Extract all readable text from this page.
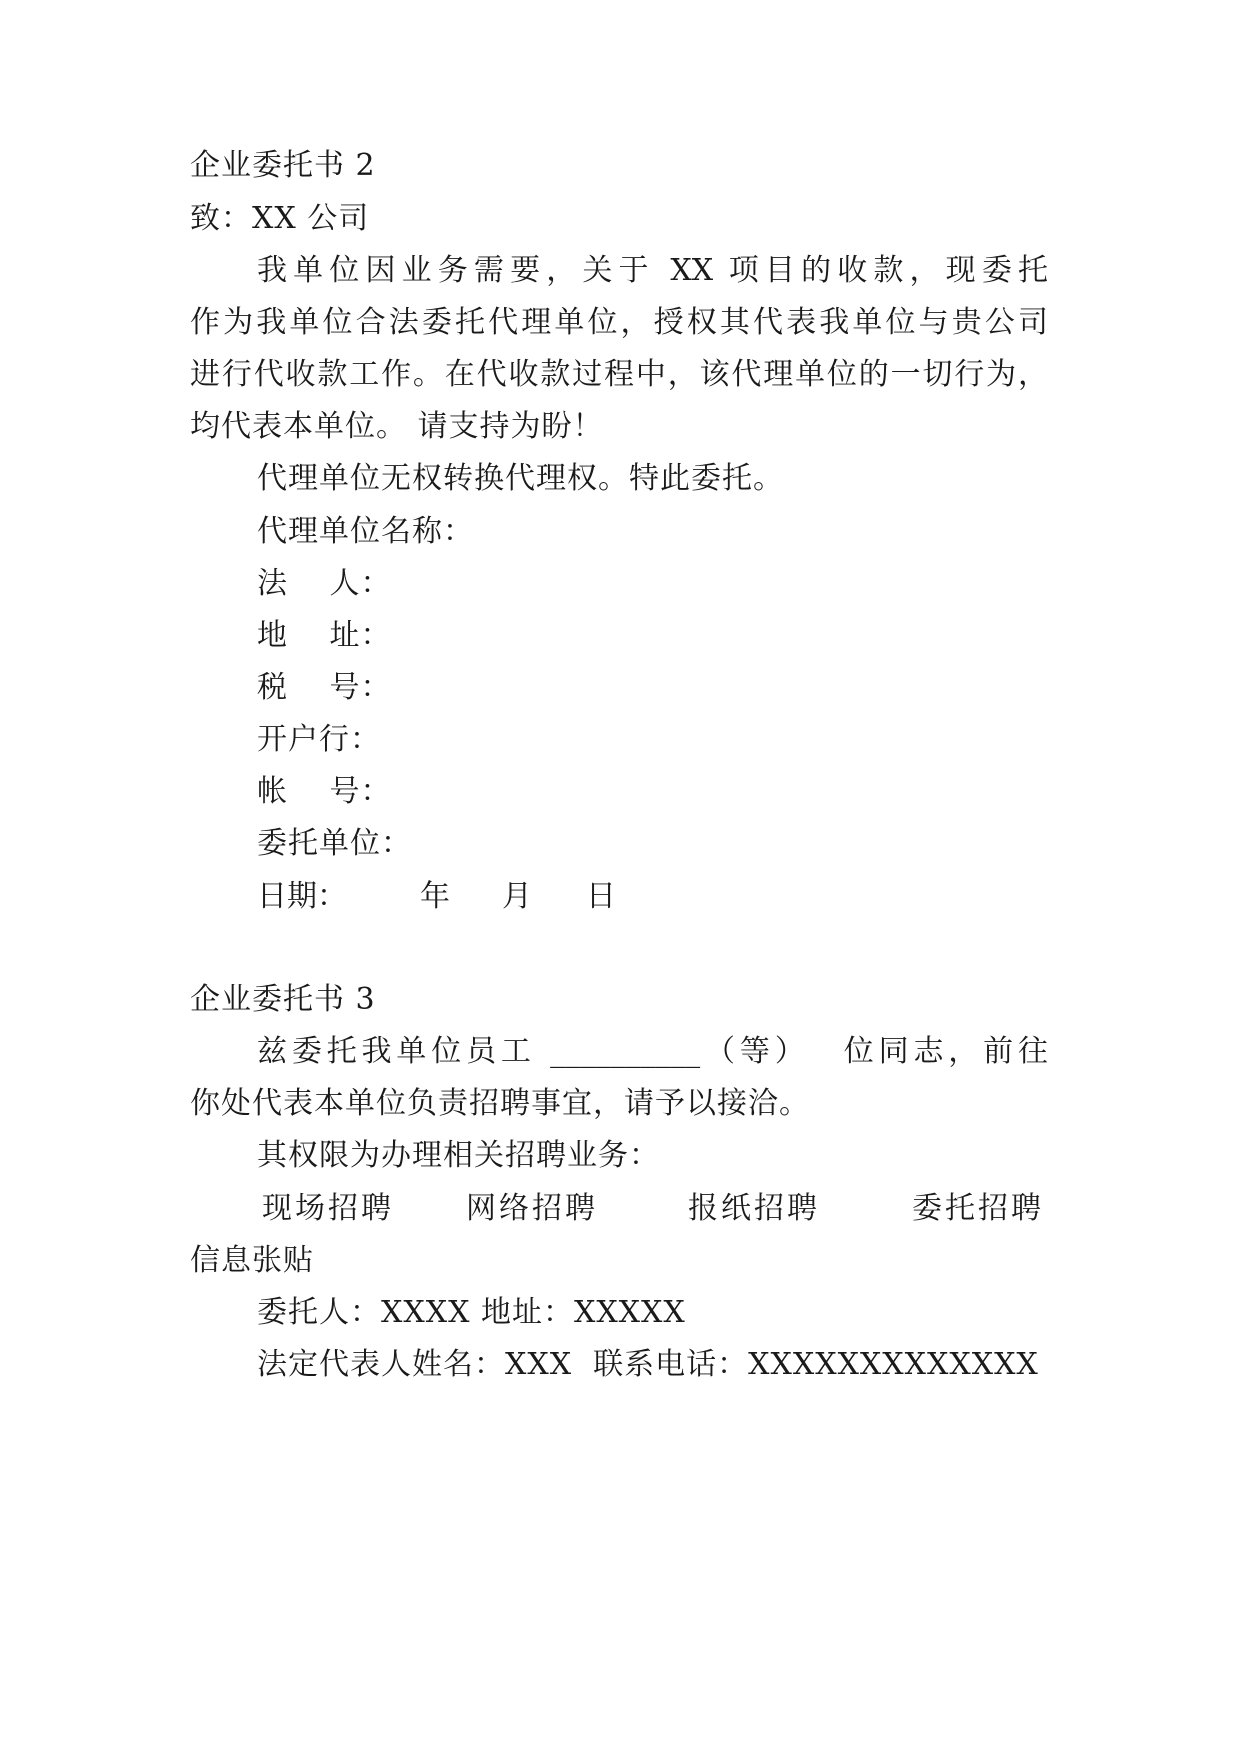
企业委托书 2
致：XX 公司
我单位因业务需要，关于 XX 项目的收款，现委托
作为我单位合法委托代理单位，授权其代表我单位与贵公司
进行代收款工作。在代收款过程中，该代理单位的一切行为，
均代表本单位。 请支持为盼！
代理单位无权转换代理权。特此委托。
代理单位名称：
法　 人：
地　 址：
税　 号：
开户行：
帐　 号：
委托单位：
日期： 年 月 日
企业委托书 3
兹委托我单位员工 __________（等）　 位同志，前往
你处代表本单位负责招聘事宜，请予以接洽。
其权限为办理相关招聘业务：
现场招聘 网络招聘	报纸招聘	委托招聘
信息张贴
委托人：XXXX 地址：XXXXX
法定代表人姓名：XXX  联系电话：XXXXXXXXXXXXX
